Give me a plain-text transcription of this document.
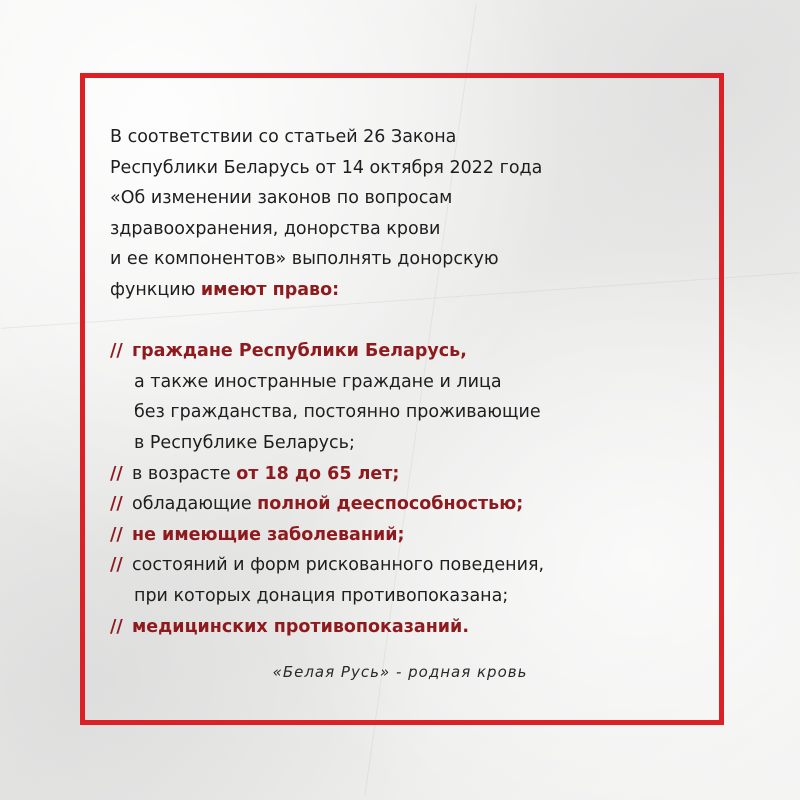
В соответствии со статьей 26 Закона
Республики Беларусь от 14 октября 2022 года
«Об изменении законов по вопросам
здравоохранения, донорства крови
и ее компонентов» выполнять донорскую
функцию имеют право:
// граждане Республики Беларусь,
а также иностранные граждане и лица
без гражданства, постоянно проживающие
в Республике Беларусь;
// в возрасте от 18 до 65 лет;
// обладающие полной дееспособностью;
// не имеющие заболеваний;
// состояний и форм рискованного поведения,
при которых донация противопоказана;
// медицинских противопоказаний.
«Белая Русь» - родная кровь
